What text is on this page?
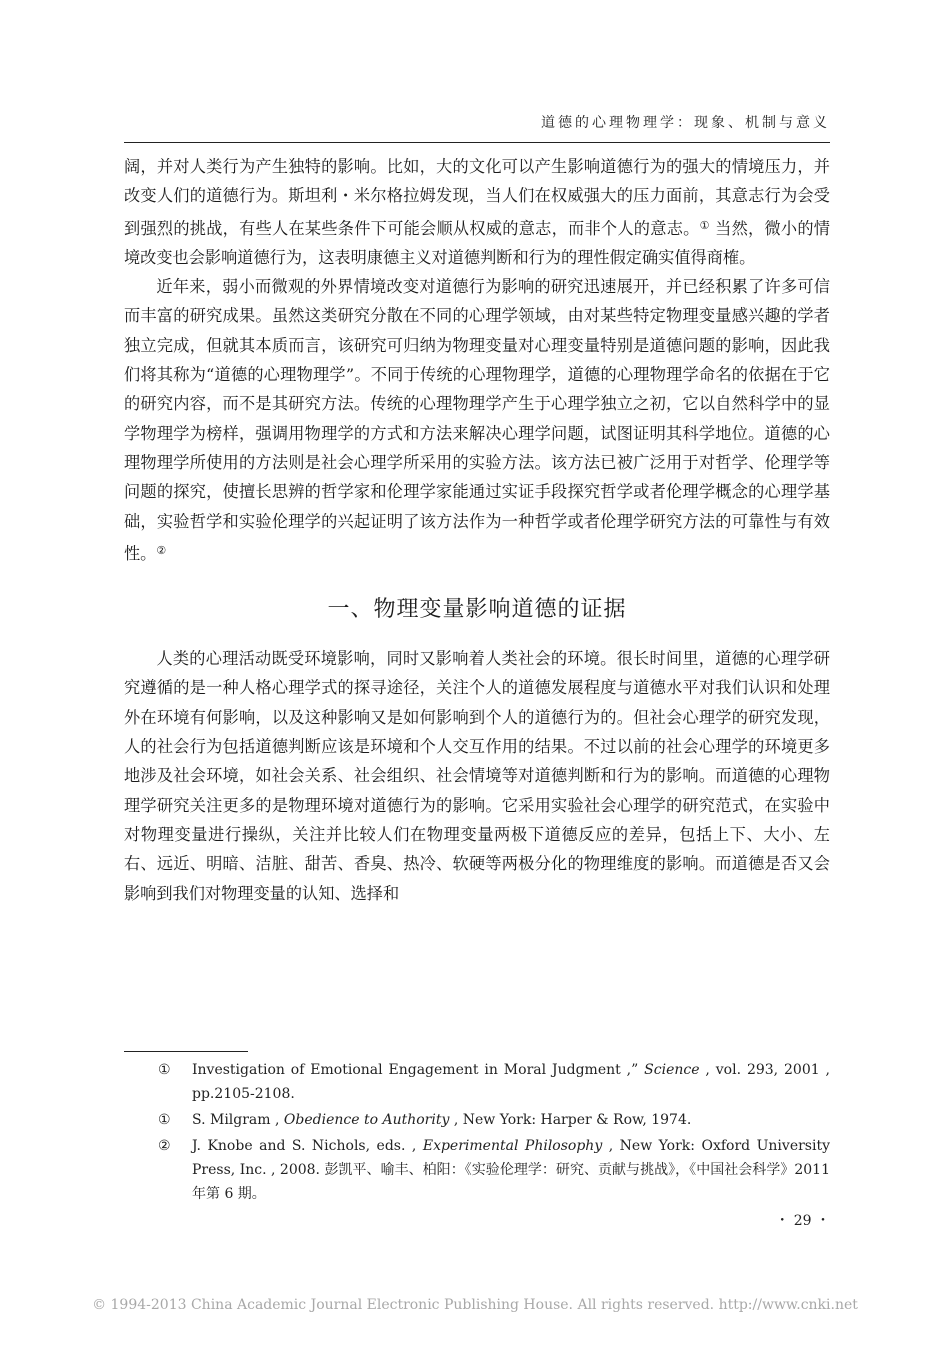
道德的心理物理学：现象、机制与意义

阔，并对人类行为产生独特的影响。比如，大的文化可以产生影响道德行为的强大的情境压力，并改变人们的道德行为。斯坦利・米尔格拉姆发现，当人们在权威强大的压力面前，其意志行为会受到强烈的挑战，有些人在某些条件下可能会顺从权威的意志，而非个人的意志。① 当然，微小的情境改变也会影响道德行为，这表明康德主义对道德判断和行为的理性假定确实值得商榷。

近年来，弱小而微观的外界情境改变对道德行为影响的研究迅速展开，并已经积累了许多可信而丰富的研究成果。虽然这类研究分散在不同的心理学领域，由对某些特定物理变量感兴趣的学者独立完成，但就其本质而言，该研究可归纳为物理变量对心理变量特别是道德问题的影响，因此我们将其称为“道德的心理物理学”。不同于传统的心理物理学，道德的心理物理学命名的依据在于它的研究内容，而不是其研究方法。传统的心理物理学产生于心理学独立之初，它以自然科学中的显学物理学为榜样，强调用物理学的方式和方法来解决心理学问题，试图证明其科学地位。道德的心理物理学所使用的方法则是社会心理学所采用的实验方法。该方法已被广泛用于对哲学、伦理学等问题的探究，使擅长思辨的哲学家和伦理学家能通过实证手段探究哲学或者伦理学概念的心理学基础，实验哲学和实验伦理学的兴起证明了该方法作为一种哲学或者伦理学研究方法的可靠性与有效性。②

一、物理变量影响道德的证据

人类的心理活动既受环境影响，同时又影响着人类社会的环境。很长时间里，道德的心理学研究遵循的是一种人格心理学式的探寻途径，关注个人的道德发展程度与道德水平对我们认识和处理外在环境有何影响，以及这种影响又是如何影响到个人的道德行为的。但社会心理学的研究发现，人的社会行为包括道德判断应该是环境和个人交互作用的结果。不过以前的社会心理学的环境更多地涉及社会环境，如社会关系、社会组织、社会情境等对道德判断和行为的影响。而道德的心理物理学研究关注更多的是物理环境对道德行为的影响。它采用实验社会心理学的研究范式，在实验中对物理变量进行操纵，关注并比较人们在物理变量两极下道德反应的差异，包括上下、大小、左右、远近、明暗、洁脏、甜苦、香臭、热冷、软硬等两极分化的物理维度的影响。而道德是否又会影响到我们对物理变量的认知、选择和

① Investigation of Emotional Engagement in Moral Judgment ,” Science , vol. 293, 2001 , pp.2105-2108.
① S. Milgram , Obedience to Authority , New York: Harper & Row, 1974.
② J. Knobe and S. Nichols, eds. , Experimental Philosophy , New York: Oxford University Press, Inc. , 2008. 彭凯平、喻丰、柏阳：《实验伦理学：研究、贡献与挑战》，《中国社会科学》2011 年第 6 期。
・ 29 ・
© 1994-2013 China Academic Journal Electronic Publishing House. All rights reserved. http://www.cnki.net
